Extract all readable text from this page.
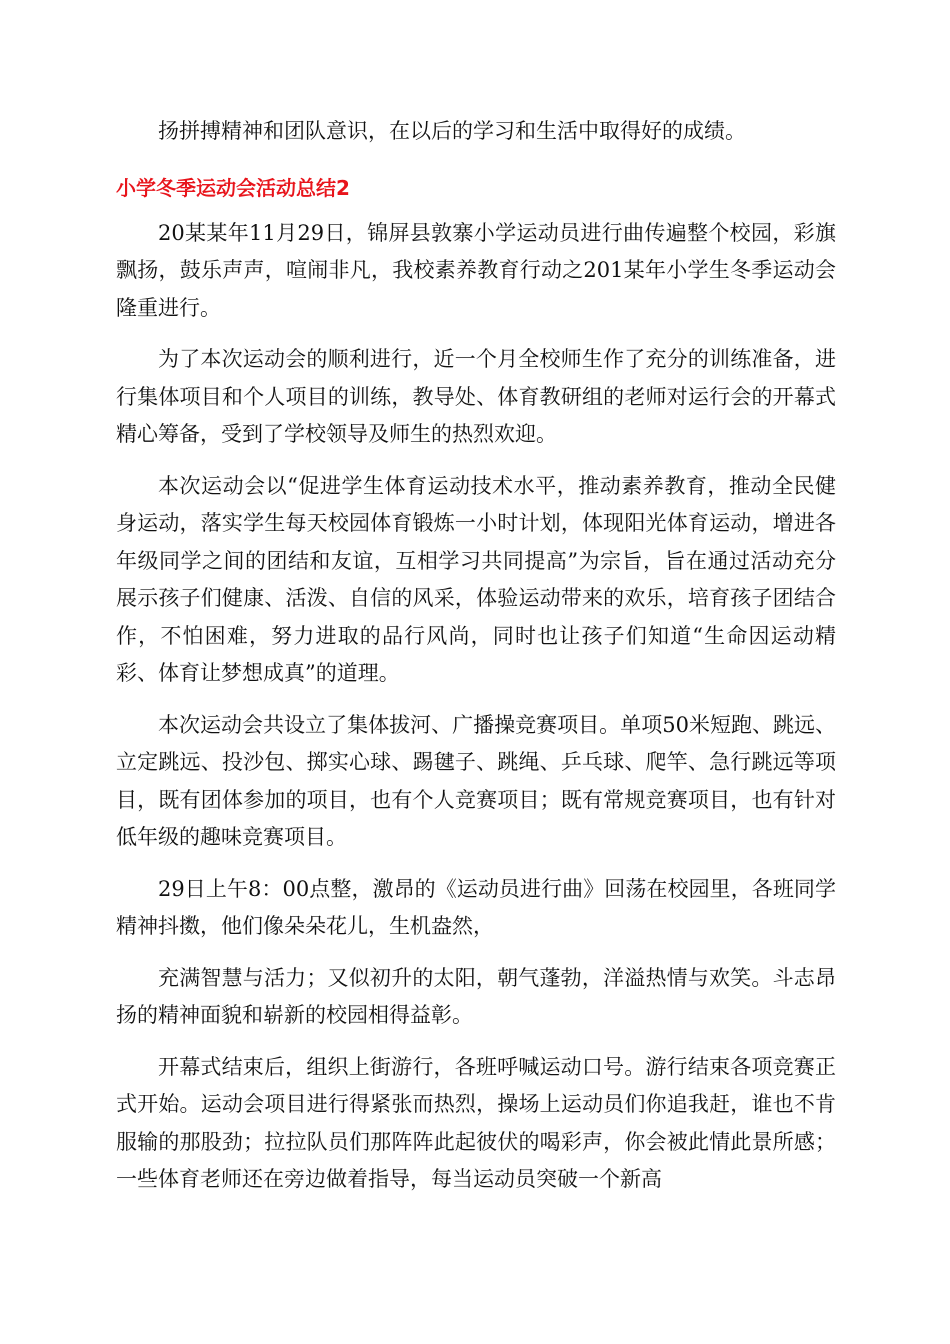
扬拼搏精神和团队意识，在以后的学习和生活中取得好的成绩。

小学冬季运动会活动总结2

20某某年11月29日，锦屏县敦寨小学运动员进行曲传遍整个校园，彩旗飘扬，鼓乐声声，喧闹非凡，我校素养教育行动之201某年小学生冬季运动会隆重进行。

为了本次运动会的顺利进行，近一个月全校师生作了充分的训练准备，进行集体项目和个人项目的训练，教导处、体育教研组的老师对运行会的开幕式精心筹备，受到了学校领导及师生的热烈欢迎。

本次运动会以“促进学生体育运动技术水平，推动素养教育，推动全民健身运动，落实学生每天校园体育锻炼一小时计划，体现阳光体育运动，增进各年级同学之间的团结和友谊，互相学习共同提高”为宗旨，旨在通过活动充分展示孩子们健康、活泼、自信的风采，体验运动带来的欢乐，培育孩子团结合作，不怕困难，努力进取的品行风尚，同时也让孩子们知道“生命因运动精彩、体育让梦想成真”的道理。

本次运动会共设立了集体拔河、广播操竞赛项目。单项50米短跑、跳远、立定跳远、投沙包、掷实心球、踢毽子、跳绳、乒乓球、爬竿、急行跳远等项目，既有团体参加的项目，也有个人竞赛项目；既有常规竞赛项目，也有针对低年级的趣味竞赛项目。

29日上午8：00点整，激昂的《运动员进行曲》回荡在校园里，各班同学精神抖擞，他们像朵朵花儿，生机盎然，

充满智慧与活力；又似初升的太阳，朝气蓬勃，洋溢热情与欢笑。斗志昂扬的精神面貌和崭新的校园相得益彰。

开幕式结束后，组织上街游行，各班呼喊运动口号。游行结束各项竞赛正式开始。运动会项目进行得紧张而热烈，操场上运动员们你追我赶，谁也不肯服输的那股劲；拉拉队员们那阵阵此起彼伏的喝彩声，你会被此情此景所感；一些体育老师还在旁边做着指导，每当运动员突破一个新高
